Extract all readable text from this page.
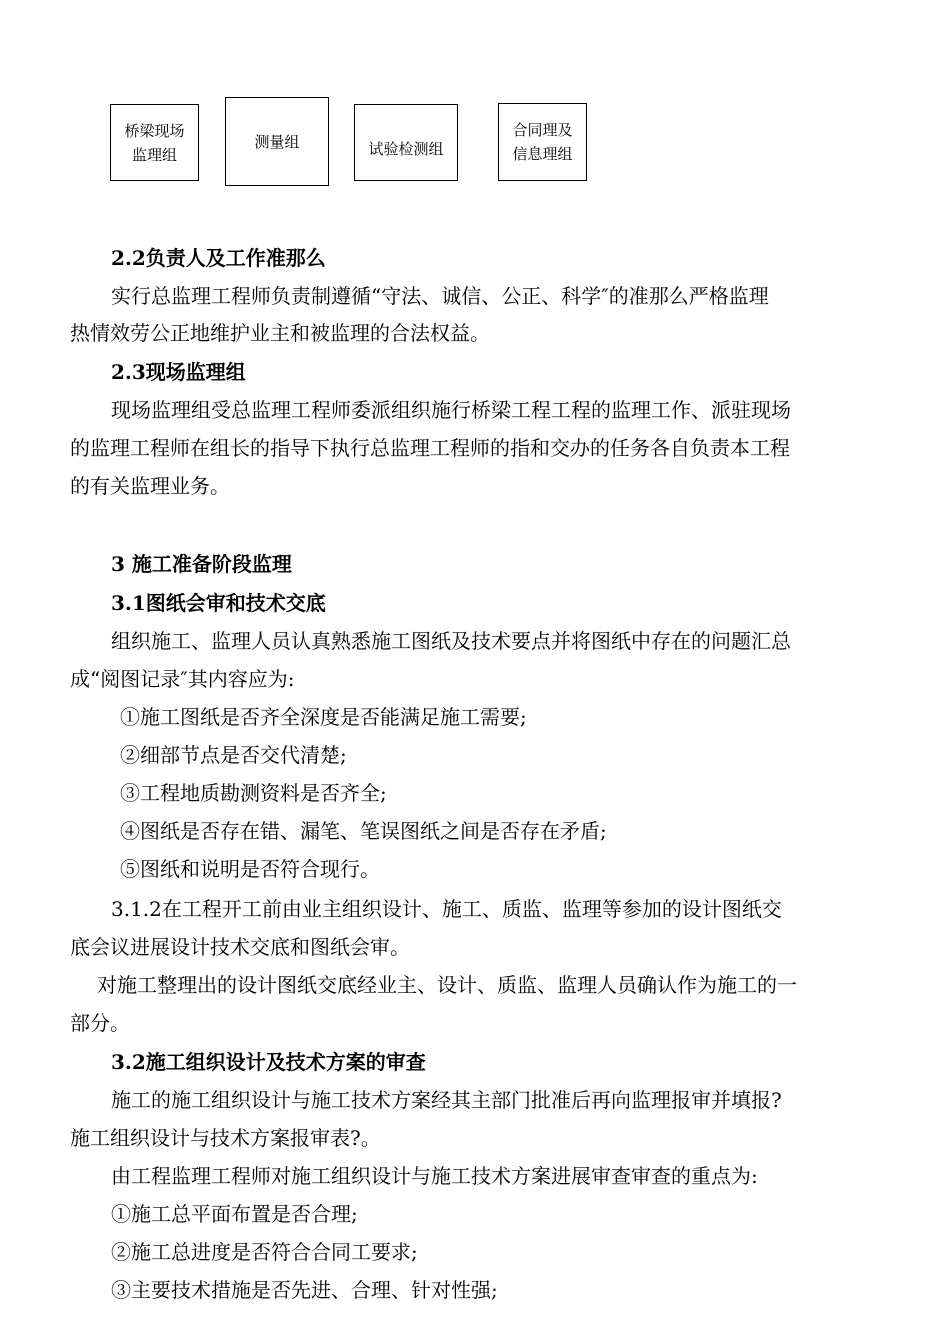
桥梁现场
监理组
测量组	试验检测组
合同理及
信息理组
2.2负责人及工作准那么
实行总监理工程师负责制遵循“守法、诚信、公正、科学″的准那么严格监理
热情效劳公正地维护业主和被监理的合法权益。
2.3现场监理组
现场监理组受总监理工程师委派组织施行桥梁工程工程的监理工作、派驻现场
的监理工程师在组长的指导下执行总监理工程师的指和交办的任务各自负责本工程
的有关监理业务。
3 施工准备阶段监理
3.1图纸会审和技术交底
组织施工、监理人员认真熟悉施工图纸及技术要点并将图纸中存在的问题汇总
成“阅图记录″其内容应为:
①施工图纸是否齐全深度是否能满足施工需要;
②细部节点是否交代清楚;
③工程地质勘测资料是否齐全;
④图纸是否存在错、漏笔、笔误图纸之间是否存在矛盾;
⑤图纸和说明是否符合现行。
3.1.2在工程开工前由业主组织设计、施工、质监、监理等参加的设计图纸交
底会议进展设计技术交底和图纸会审。
对施工整理出的设计图纸交底经业主、设计、质监、监理人员确认作为施工的一
部分。
3.2施工组织设计及技术方案的审查
施工的施工组织设计与施工技术方案经其主部门批准后再向监理报审并填报?
施工组织设计与技术方案报审表?。
由工程监理工程师对施工组织设计与施工技术方案进展审查审查的重点为:
①施工总平面布置是否合理;
②施工总进度是否符合合同工要求;
③主要技术措施是否先进、合理、针对性强;
